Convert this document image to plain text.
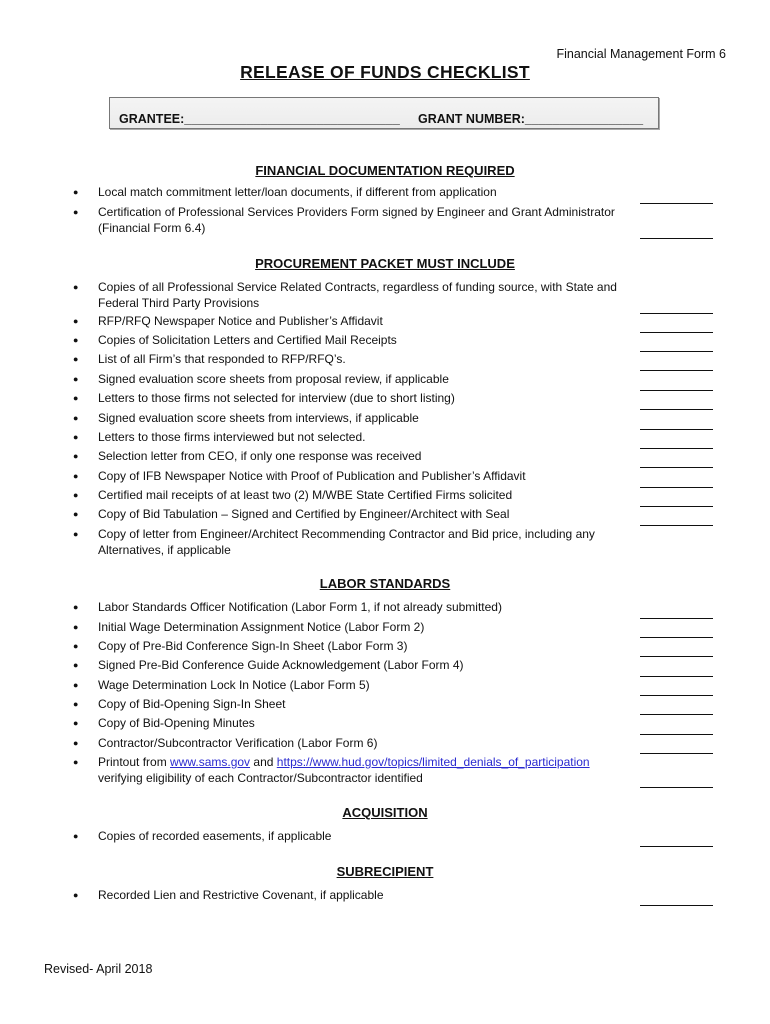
Financial Management Form 6
RELEASE OF FUNDS CHECKLIST
GRANTEE:_______________________________ GRANT NUMBER:_________________
FINANCIAL DOCUMENTATION REQUIRED
● Local match commitment letter/loan documents, if different from application
● Certification of Professional Services Providers Form signed by Engineer and Grant Administrator (Financial Form 6.4)
PROCUREMENT PACKET MUST INCLUDE
● Copies of all Professional Service Related Contracts, regardless of funding source, with State and Federal Third Party Provisions
● RFP/RFQ Newspaper Notice and Publisher’s Affidavit
● Copies of Solicitation Letters and Certified Mail Receipts
● List of all Firm’s that responded to RFP/RFQ’s.
● Signed evaluation score sheets from proposal review, if applicable
● Letters to those firms not selected for interview (due to short listing)
● Signed evaluation score sheets from interviews, if applicable
● Letters to those firms interviewed but not selected.
● Selection letter from CEO, if only one response was received
● Copy of IFB Newspaper Notice with Proof of Publication and Publisher’s Affidavit
● Certified mail receipts of at least two (2) M/WBE State Certified Firms solicited
● Copy of Bid Tabulation – Signed and Certified by Engineer/Architect with Seal
● Copy of letter from Engineer/Architect Recommending Contractor and Bid price, including any Alternatives, if applicable
LABOR STANDARDS
● Labor Standards Officer Notification (Labor Form 1, if not already submitted)
● Initial Wage Determination Assignment Notice (Labor Form 2)
● Copy of Pre-Bid Conference Sign-In Sheet (Labor Form 3)
● Signed Pre-Bid Conference Guide Acknowledgement (Labor Form 4)
● Wage Determination Lock In Notice (Labor Form 5)
● Copy of Bid-Opening Sign-In Sheet
● Copy of Bid-Opening Minutes
● Contractor/Subcontractor Verification (Labor Form 6)
● Printout from www.sams.gov and https://www.hud.gov/topics/limited_denials_of_participation
verifying eligibility of each Contractor/Subcontractor identified
ACQUISITION
● Copies of recorded easements, if applicable
SUBRECIPIENT
● Recorded Lien and Restrictive Covenant, if applicable
Revised- April 2018
